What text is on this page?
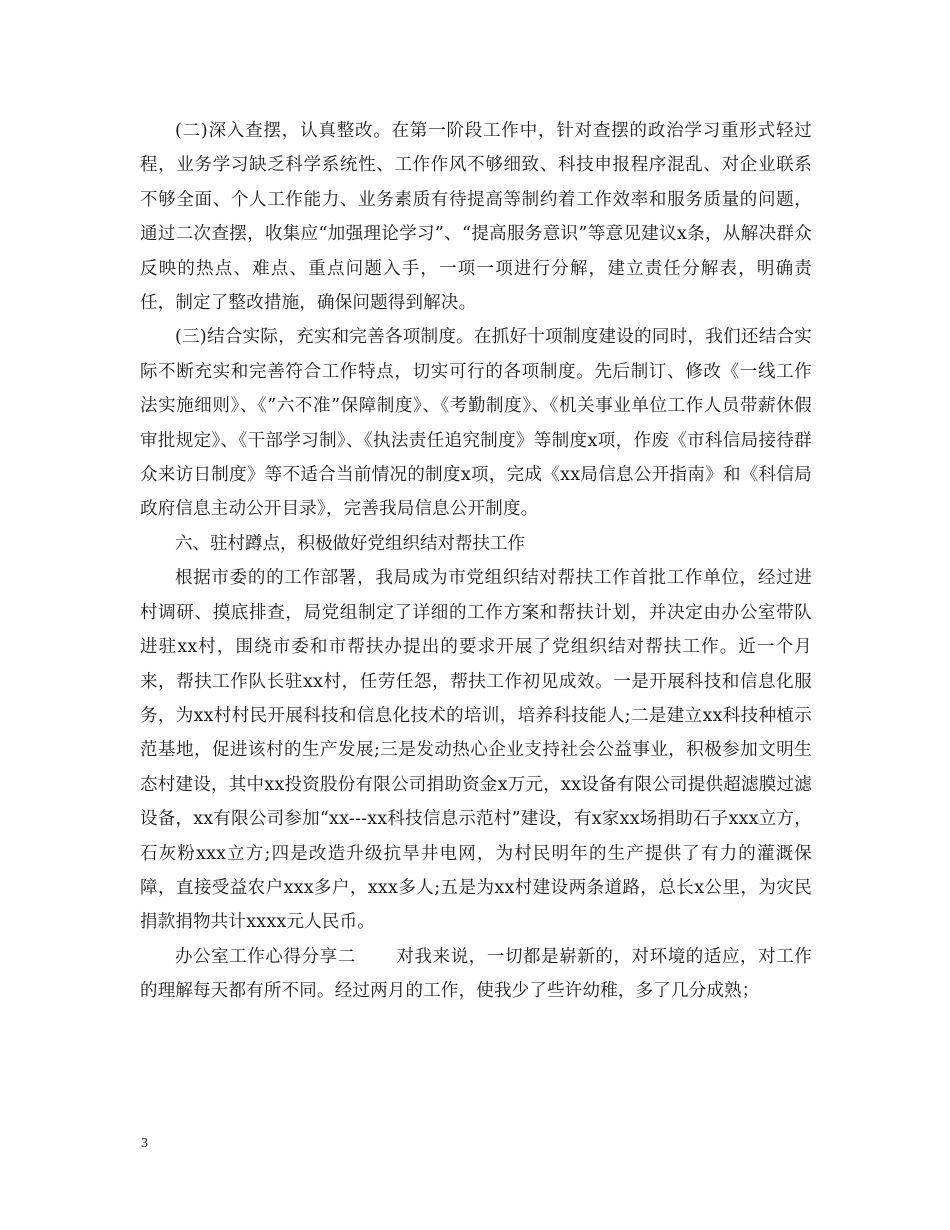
(二)深入查摆，认真整改。在第一阶段工作中，针对查摆的政治学习重形式轻过程，业务学习缺乏科学系统性、工作作风不够细致、科技申报程序混乱、对企业联系不够全面、个人工作能力、业务素质有待提高等制约着工作效率和服务质量的问题，通过二次查摆，收集应“加强理论学习”、“提高服务意识”等意见建议x条，从解决群众反映的热点、难点、重点问题入手，一项一项进行分解，建立责任分解表，明确责任，制定了整改措施，确保问题得到解决。

(三)结合实际，充实和完善各项制度。在抓好十项制度建设的同时，我们还结合实际不断充实和完善符合工作特点，切实可行的各项制度。先后制订、修改《一线工作法实施细则》、《”六不准”保障制度》、《考勤制度》、《机关事业单位工作人员带薪休假审批规定》、《干部学习制》、《执法责任追究制度》等制度x项，作废《市科信局接待群众来访日制度》等不适合当前情况的制度x项，完成《xx局信息公开指南》和《科信局政府信息主动公开目录》，完善我局信息公开制度。

六、驻村蹲点，积极做好党组织结对帮扶工作

根据市委的的工作部署，我局成为市党组织结对帮扶工作首批工作单位，经过进村调研、摸底排查，局党组制定了详细的工作方案和帮扶计划，并决定由办公室带队进驻xx村，围绕市委和市帮扶办提出的要求开展了党组织结对帮扶工作。近一个月来，帮扶工作队长驻xx村，任劳任怨，帮扶工作初见成效。一是开展科技和信息化服务，为xx村村民开展科技和信息化技术的培训，培养科技能人;二是建立xx科技种植示范基地，促进该村的生产发展;三是发动热心企业支持社会公益事业，积极参加文明生态村建设，其中xx投资股份有限公司捐助资金x万元，xx设备有限公司提供超滤膜过滤设备，xx有限公司参加“xx---xx科技信息示范村”建设，有x家xx场捐助石子xxx立方，石灰粉xxx立方;四是改造升级抗旱井电网，为村民明年的生产提供了有力的灌溉保障，直接受益农户xxx多户，xxx多人;五是为xx村建设两条道路，总长x公里，为灾民捐款捐物共计xxxx元人民币。

办公室工作心得分享二 对我来说，一切都是崭新的，对环境的适应，对工作的理解每天都有所不同。经过两月的工作，使我少了些许幼稚，多了几分成熟；

3
